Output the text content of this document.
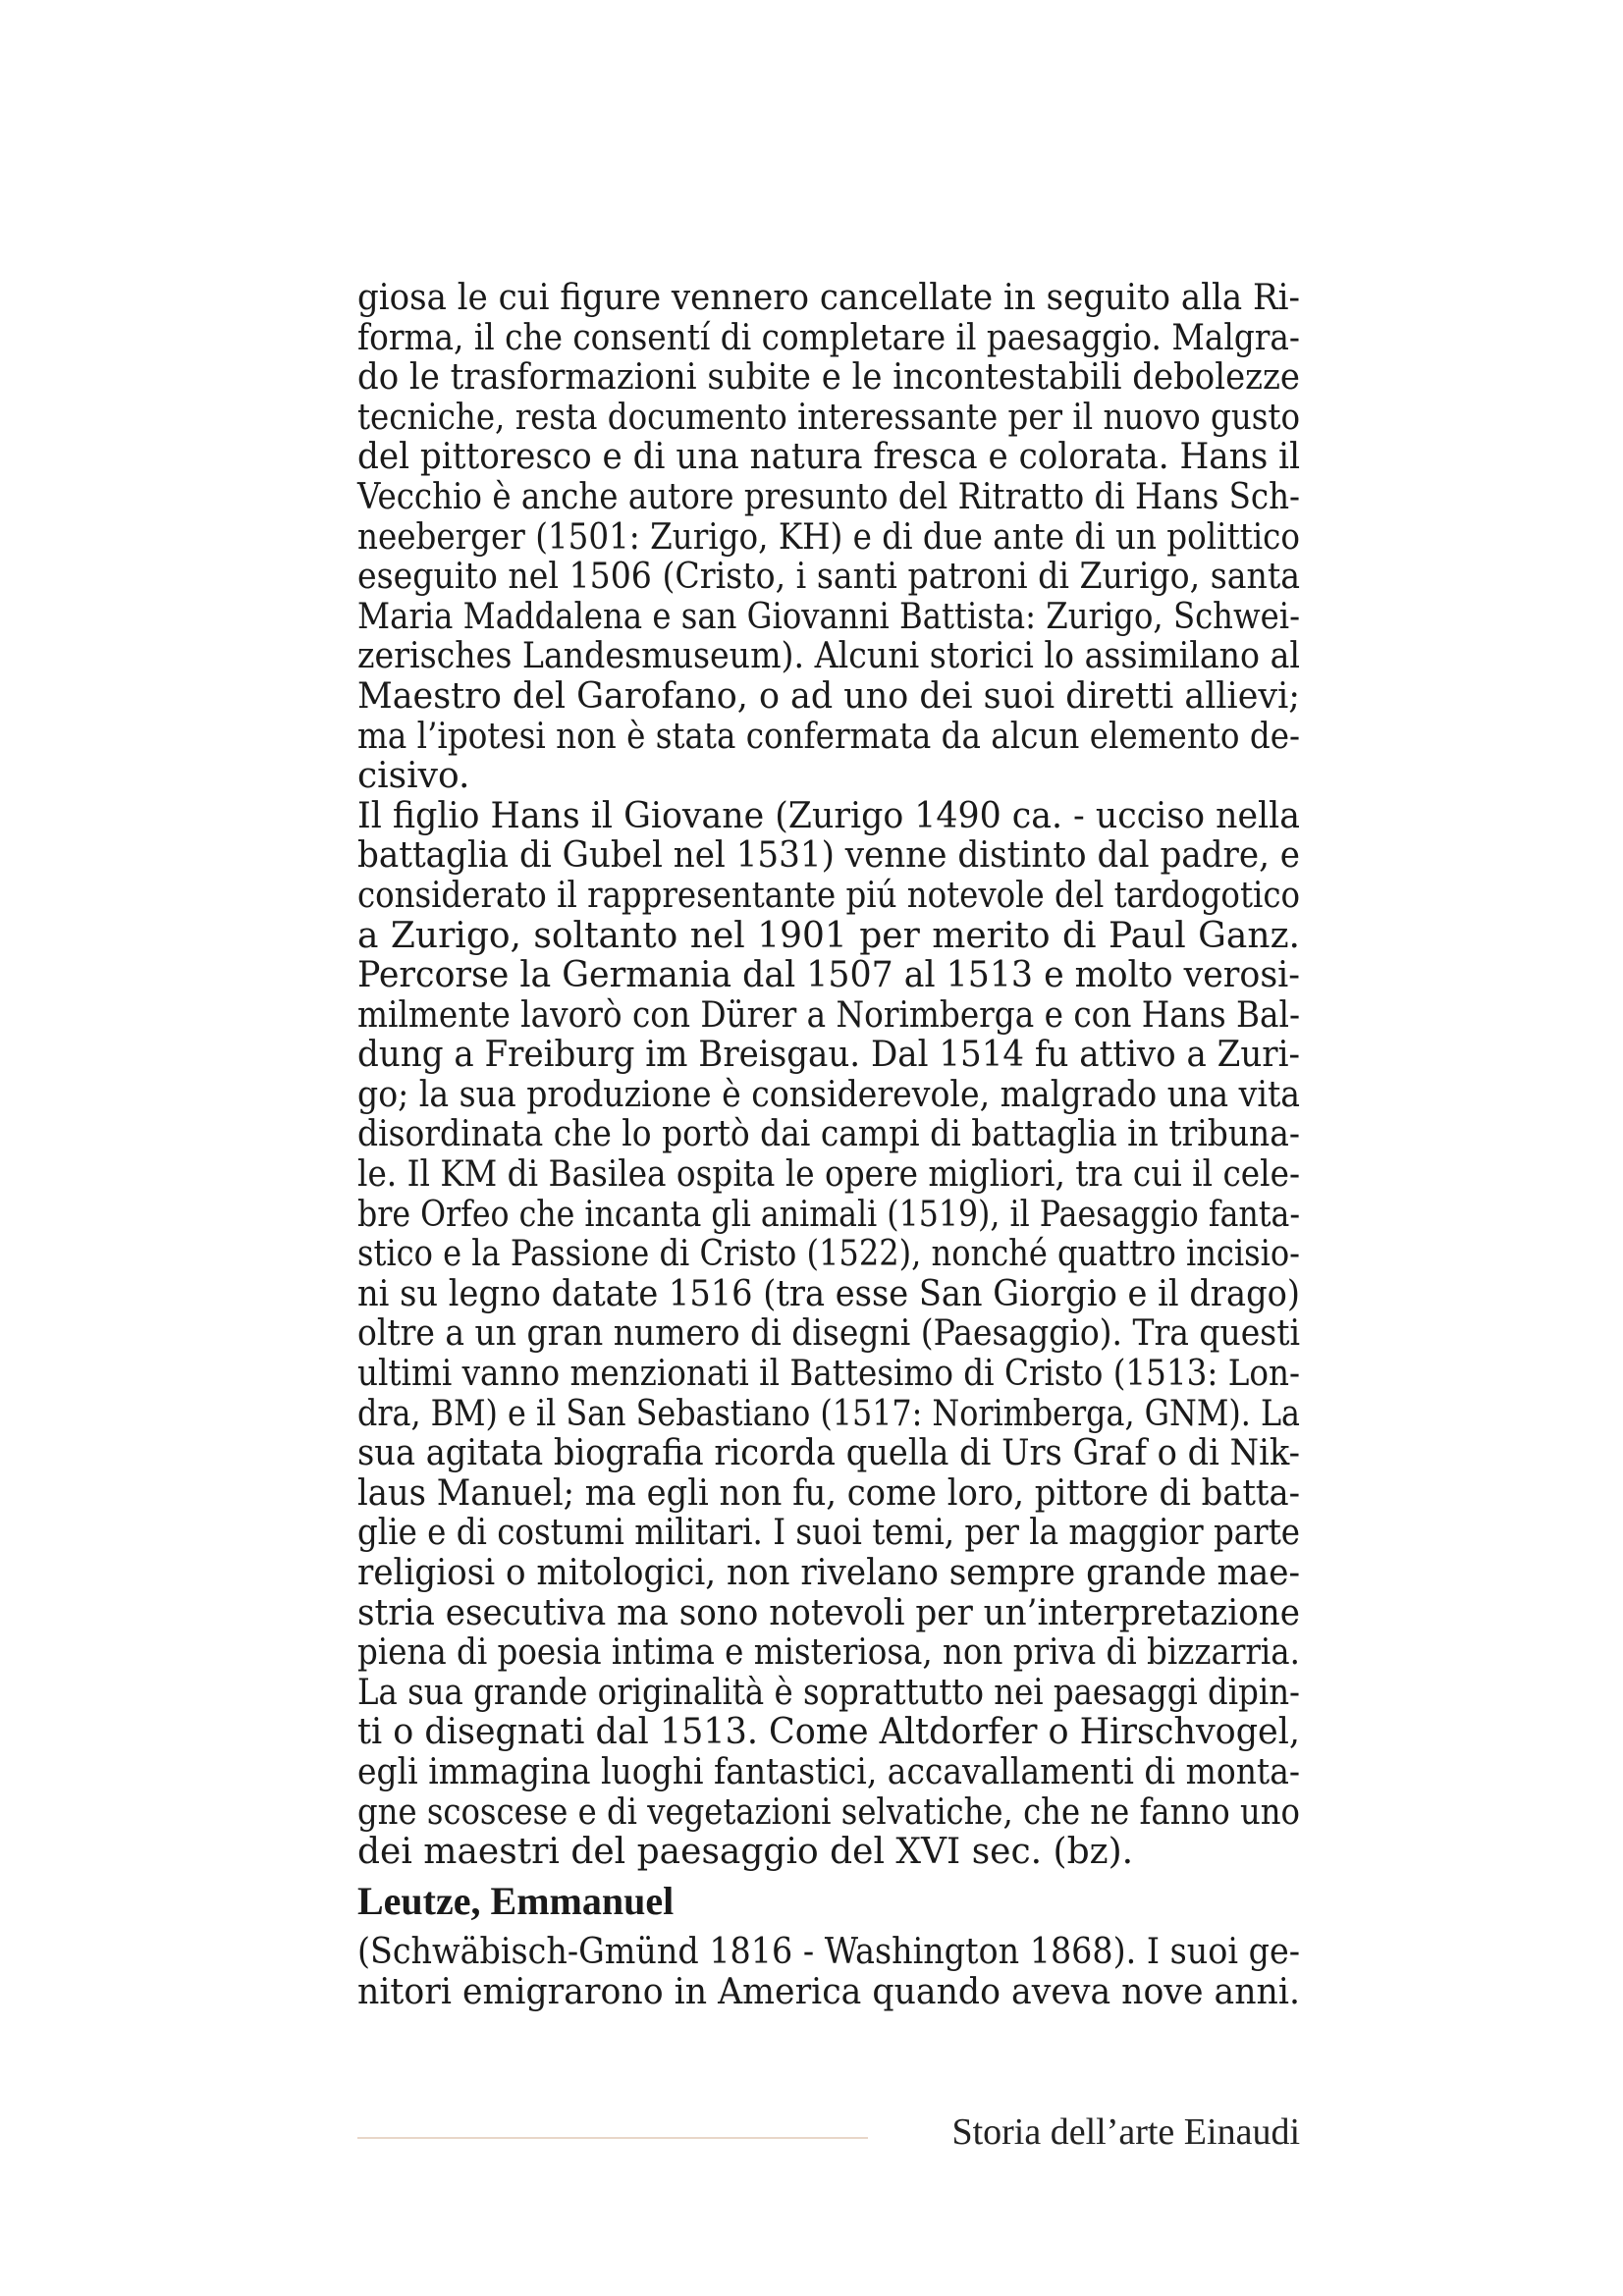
giosa le cui figure vennero cancellate in seguito alla Ri-
forma, il che consentí di completare il paesaggio. Malgra-
do le trasformazioni subite e le incontestabili debolezze
tecniche, resta documento interessante per il nuovo gusto
del pittoresco e di una natura fresca e colorata. Hans il
Vecchio è anche autore presunto del Ritratto di Hans Sch-
neeberger (1501: Zurigo, KH) e di due ante di un polittico
eseguito nel 1506 (Cristo, i santi patroni di Zurigo, santa
Maria Maddalena e san Giovanni Battista: Zurigo, Schwei-
zerisches Landesmuseum). Alcuni storici lo assimilano al
Maestro del Garofano, o ad uno dei suoi diretti allievi;
ma l’ipotesi non è stata confermata da alcun elemento de-
cisivo.
Il figlio Hans il Giovane (Zurigo 1490 ca. - ucciso nella
battaglia di Gubel nel 1531) venne distinto dal padre, e
considerato il rappresentante piú notevole del tardogotico
a Zurigo, soltanto nel 1901 per merito di Paul Ganz.
Percorse la Germania dal 1507 al 1513 e molto verosi-
milmente lavorò con Dürer a Norimberga e con Hans Bal-
dung a Freiburg im Breisgau. Dal 1514 fu attivo a Zuri-
go; la sua produzione è considerevole, malgrado una vita
disordinata che lo portò dai campi di battaglia in tribuna-
le. Il KM di Basilea ospita le opere migliori, tra cui il cele-
bre Orfeo che incanta gli animali (1519), il Paesaggio fanta-
stico e la Passione di Cristo (1522), nonché quattro incisio-
ni su legno datate 1516 (tra esse San Giorgio e il drago)
oltre a un gran numero di disegni (Paesaggio). Tra questi
ultimi vanno menzionati il Battesimo di Cristo (1513: Lon-
dra, BM) e il San Sebastiano (1517: Norimberga, GNM). La
sua agitata biografia ricorda quella di Urs Graf o di Nik-
laus Manuel; ma egli non fu, come loro, pittore di batta-
glie e di costumi militari. I suoi temi, per la maggior parte
religiosi o mitologici, non rivelano sempre grande mae-
stria esecutiva ma sono notevoli per un’interpretazione
piena di poesia intima e misteriosa, non priva di bizzarria.
La sua grande originalità è soprattutto nei paesaggi dipin-
ti o disegnati dal 1513. Come Altdorfer o Hirschvogel,
egli immagina luoghi fantastici, accavallamenti di monta-
gne scoscese e di vegetazioni selvatiche, che ne fanno uno
dei maestri del paesaggio del XVI sec. (bz).
Leutze, Emmanuel
(Schwäbisch-Gmünd 1816 - Washington 1868). I suoi ge-
nitori emigrarono in America quando aveva nove anni.
Storia dell’arte Einaudi
